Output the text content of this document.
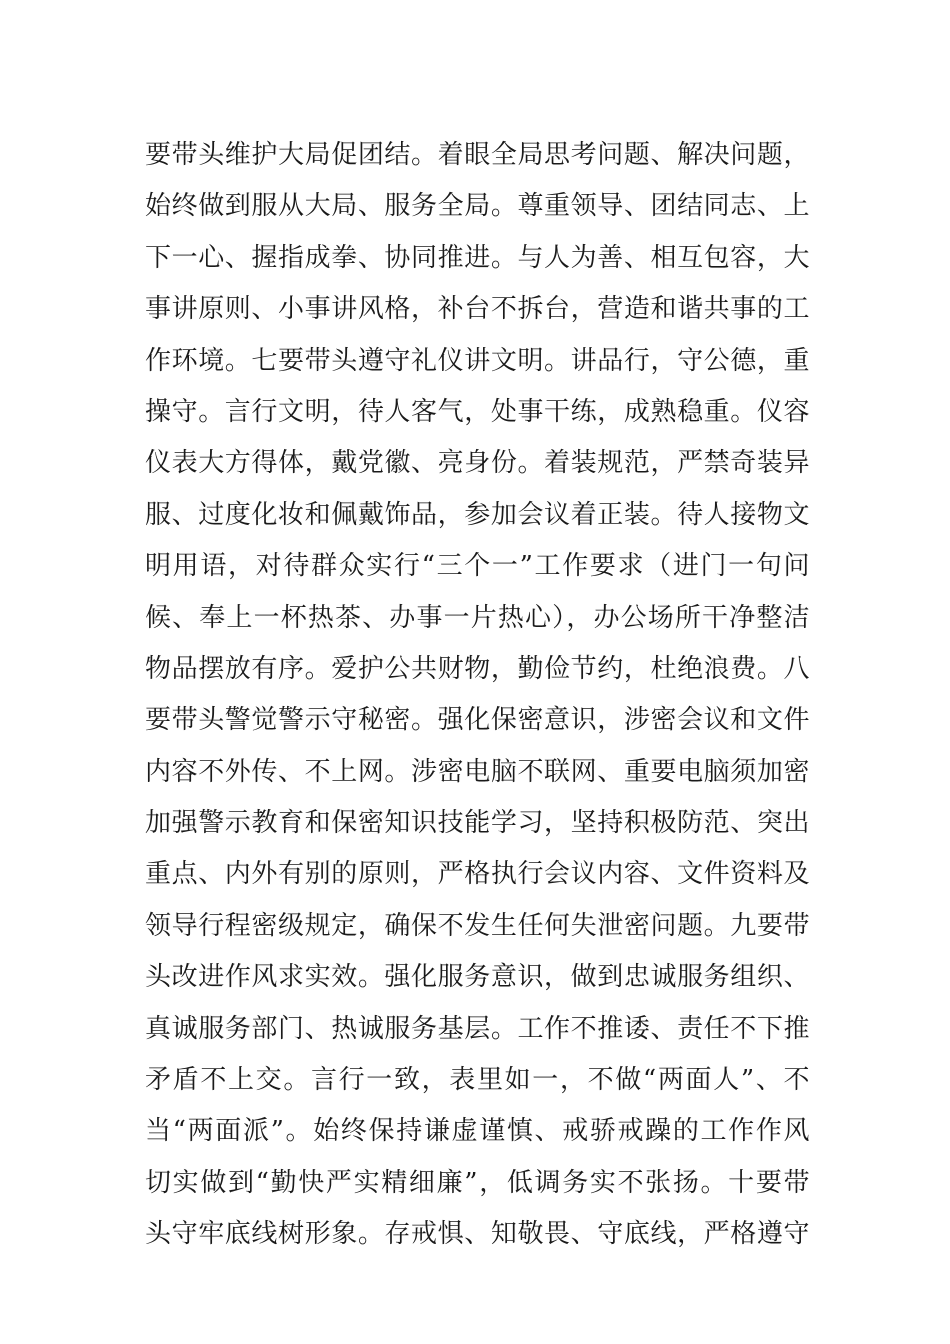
要带头维护大局促团结。着眼全局思考问题、解决问题，
始终做到服从大局、服务全局。尊重领导、团结同志、上
下一心、握指成拳、协同推进。与人为善、相互包容，大
事讲原则、小事讲风格，补台不拆台，营造和谐共事的工
作环境。七要带头遵守礼仪讲文明。讲品行，守公德，重
操守。言行文明，待人客气，处事干练，成熟稳重。仪容
仪表大方得体，戴党徽、亮身份。着装规范，严禁奇装异
服、过度化妆和佩戴饰品，参加会议着正装。待人接物文
明用语，对待群众实行“三个一”工作要求（进门一句问
候、奉上一杯热茶、办事一片热心），办公场所干净整洁
物品摆放有序。爱护公共财物，勤俭节约，杜绝浪费。八
要带头警觉警示守秘密。强化保密意识，涉密会议和文件
内容不外传、不上网。涉密电脑不联网、重要电脑须加密
加强警示教育和保密知识技能学习，坚持积极防范、突出
重点、内外有别的原则，严格执行会议内容、文件资料及
领导行程密级规定，确保不发生任何失泄密问题。九要带
头改进作风求实效。强化服务意识，做到忠诚服务组织、
真诚服务部门、热诚服务基层。工作不推诿、责任不下推
矛盾不上交。言行一致，表里如一，不做“两面人”、不
当“两面派”。始终保持谦虚谨慎、戒骄戒躁的工作作风
切实做到“勤快严实精细廉”，低调务实不张扬。十要带
头守牢底线树形象。存戒惧、知敬畏、守底线，严格遵守
